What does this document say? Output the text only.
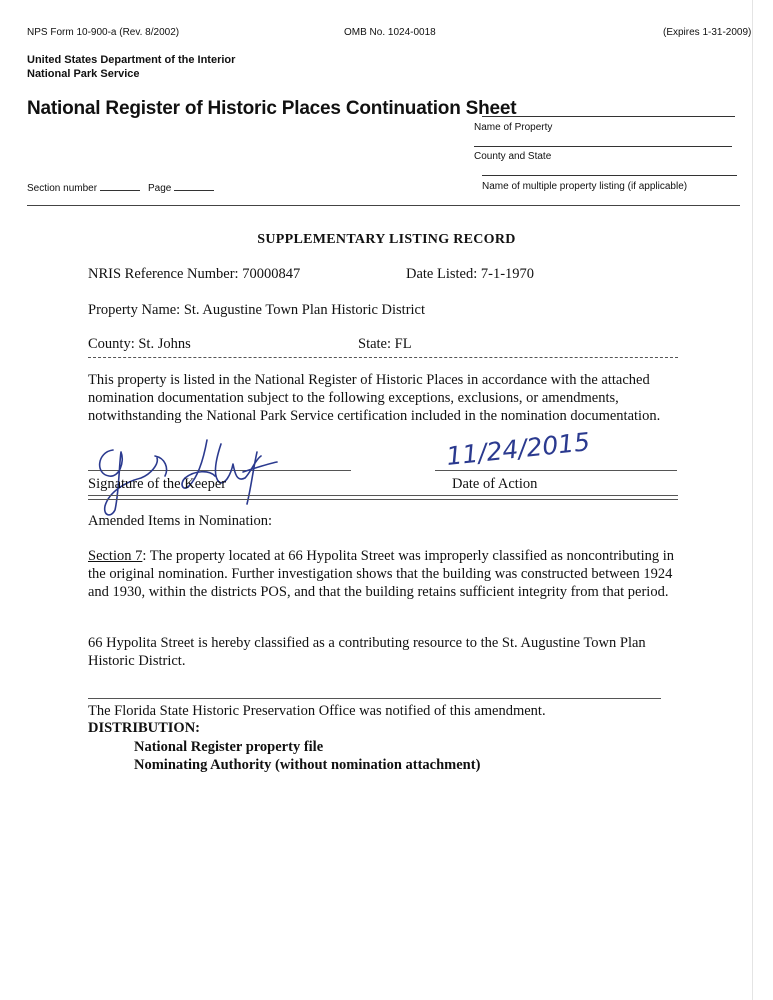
NPS Form 10-900-a (Rev. 8/2002)	OMB No. 1024-0018	(Expires 1-31-2009)
United States Department of the Interior
National Park Service
National Register of Historic Places Continuation Sheet
Name of Property
County and State
Name of multiple property listing (if applicable)
Section number	Page
SUPPLEMENTARY LISTING RECORD
NRIS Reference Number: 70000847	Date Listed: 7-1-1970
Property Name: St. Augustine Town Plan Historic District
County: St. Johns	State: FL
This property is listed in the National Register of Historic Places in accordance with the attached nomination documentation subject to the following exceptions, exclusions, or amendments, notwithstanding the National Park Service certification included in the nomination documentation.
Signature of the Keeper
11/24/2015
Date of Action
Amended Items in Nomination:
Section 7: The property located at 66 Hypolita Street was improperly classified as noncontributing in the original nomination. Further investigation shows that the building was constructed between 1924 and 1930, within the districts POS, and that the building retains sufficient integrity from that period.
66 Hypolita Street is hereby classified as a contributing resource to the St. Augustine Town Plan Historic District.
The Florida State Historic Preservation Office was notified of this amendment.
DISTRIBUTION:
National Register property file
Nominating Authority (without nomination attachment)
